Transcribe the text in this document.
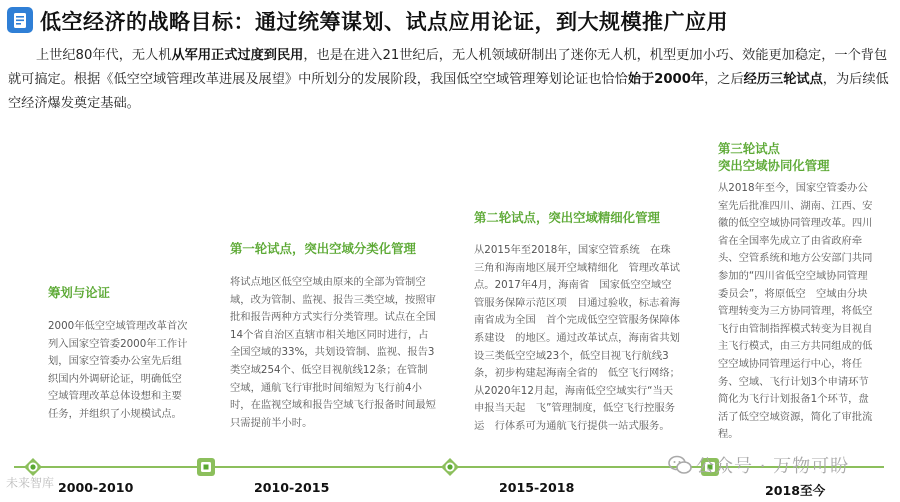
低空经济的战略目标：通过统筹谋划、试点应用论证，到大规模推广应用

上世纪80年代，无人机从军用正式过度到民用，也是在进入21世纪后，无人机领域研制出了迷你无人机，机型更加小巧、效能更加稳定，一个背包就可搞定。根据《低空空域管理改革进展及展望》中所划分的发展阶段，我国低空空域管理筹划论证也恰恰始于2000年，之后经历三轮试点，为后续低空经济爆发奠定基础。

筹划与论证
2000年低空空域管理改革首次列入国家空管委2000年工作计划，国家空管委办公室先后组织国内外调研论证，明确低空空域管理改革总体设想和主要任务，并组织了小规模试点。
第一轮试点，突出空域分类化管理
将试点地区低空空域由原来的全部为管制空域，改为管制、监视、报告三类空域，按照审批和报告两种方式实行分类管理。试点在全国14个省自治区直辖市相关地区同时进行，占全国空域的33%，共划设管制、监视、报告3类空域254个、低空目视航线12条；在管制空域，通航飞行审批时间缩短为飞行前4小时，在监视空域和报告空域飞行报备时间最短只需提前半小时。
第二轮试点，突出空域精细化管理
从2015年至2018年，国家空管系统　在珠三角和海南地区展开空域精细化　管理改革试点。2017年4月，海南省　国家低空空域空管服务保障示范区项　目通过验收，标志着海南省成为全国　首个完成低空空管服务保障体系建设　的地区。通过改革试点，海南省共划　设三类低空空域23个，低空目视飞行航线3条，初步构建起海南全省的　低空飞行网络；从2020年12月起，海南低空空域实行“当天申报当天起　飞”管理制度，低空飞行控服务运　行体系可为通航飞行提供一站式服务。
第三轮试点
突出空域协同化管理
从2018年至今，国家空管委办公室先后批准四川、湖南、江西、安徽的低空空域协同管理改革。四川省在全国率先成立了由省政府牵头、空管系统和地方公安部门共同参加的“四川省低空空域协同管理委员会”，将原低空　空域由分块管理转变为三方协同管理，将低空飞行由管制指挥模式转变为目视自主飞行模式，由三方共同组成的低空空域协同管理运行中心，将任务、空域、飞行计划3个申请环节简化为飞行计划报备1个环节，盘活了低空空域资源，简化了审批流程。
2000-2010	2010-2015	2015-2018	2018至今
未来智库
公众号 · 万物可盼
